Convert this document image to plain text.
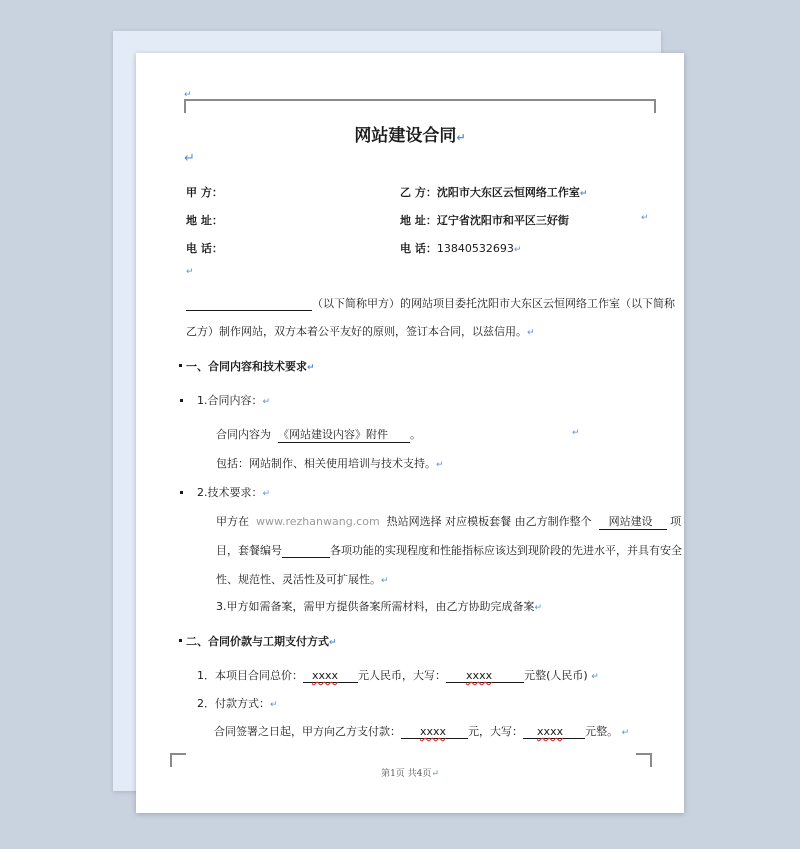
↵
网站建设合同↵
↵
甲 方：	乙 方：沈阳市大东区云恒网络工作室↵
地 址：	地 址：辽宁省沈阳市和平区三好街	↵
电 话：	电 话：13840532693↵
↵
（以下简称甲方）的网站项目委托沈阳市大东区云恒网络工作室（以下简称
乙方）制作网站，双方本着公平友好的原则，签订本合同，以兹信用。↵
一、合同内容和技术要求↵
1.合同内容：↵
合同内容为 《网站建设内容》附件 。	↵
包括：网站制作、相关使用培训与技术支持。↵
2.技术要求：↵
甲方在 www.rezhanwang.com 热站网选择 对应模板套餐 由乙方制作整个 网站建设 项
目，套餐编号	各项功能的实现程度和性能指标应该达到现阶段的先进水平，并具有安全
性、规范性、灵活性及可扩展性。↵
3.甲方如需备案，需甲方提供备案所需材料，由乙方协助完成备案↵
二、合同价款与工期支付方式↵
1．本项目合同总价： xxxx 元人民币，大写： xxxx	元整(人民币) ↵
2．付款方式：↵
合同签署之日起，甲方向乙方支付款： xxxx 元，大写： xxxx 元整。 ↵
第1页 共4页↵
